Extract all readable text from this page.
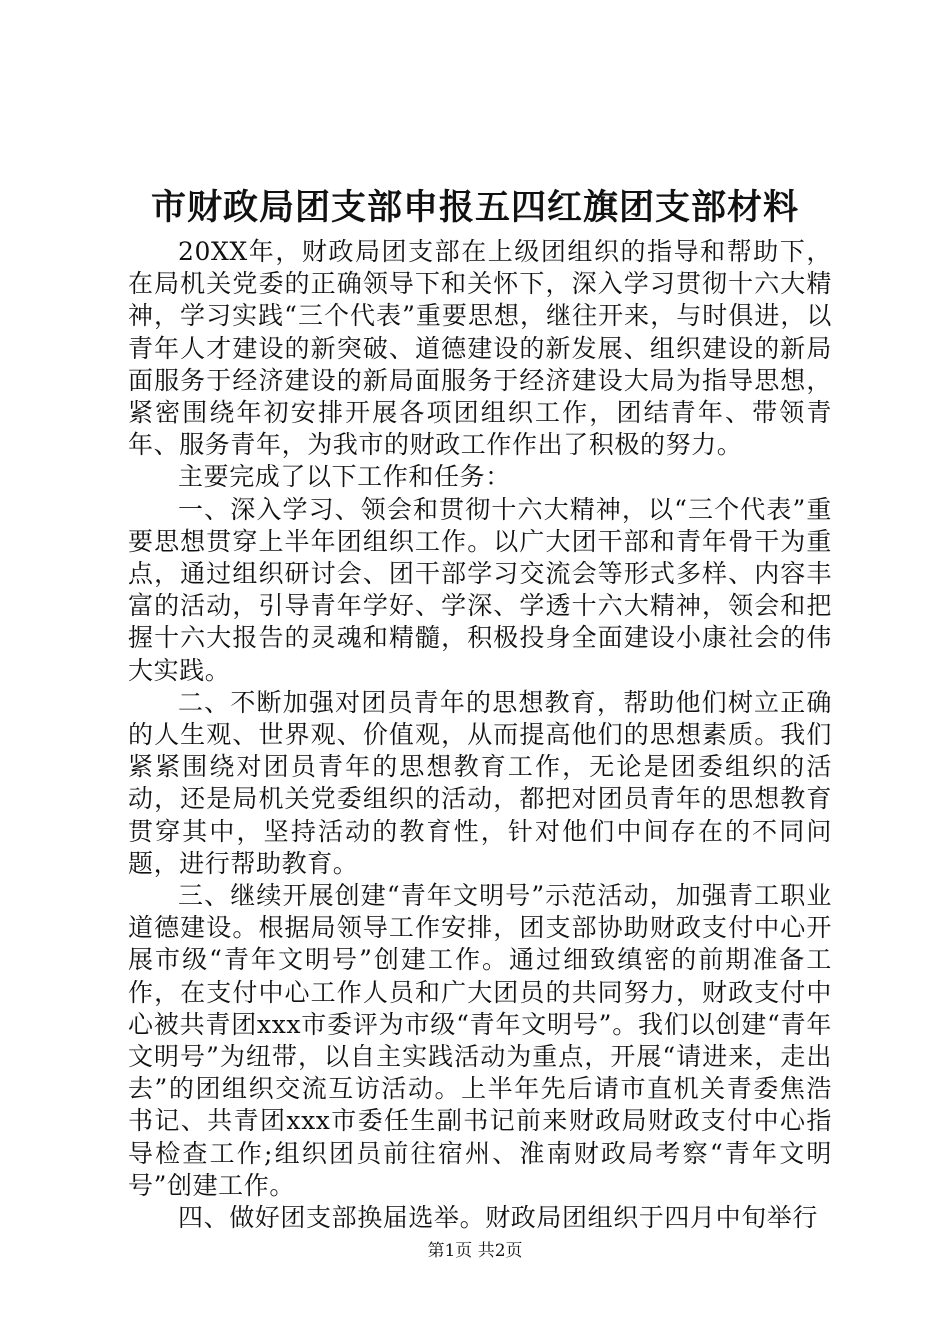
市财政局团支部申报五四红旗团支部材料

20XX年，财政局团支部在上级团组织的指导和帮助下，在局机关党委的正确领导下和关怀下，深入学习贯彻十六大精神，学习实践“三个代表”重要思想，继往开来，与时俱进，以青年人才建设的新突破、道德建设的新发展、组织建设的新局面服务于经济建设的新局面服务于经济建设大局为指导思想，紧密围绕年初安排开展各项团组织工作，团结青年、带领青年、服务青年，为我市的财政工作作出了积极的努力。

主要完成了以下工作和任务：

一、深入学习、领会和贯彻十六大精神，以“三个代表”重要思想贯穿上半年团组织工作。以广大团干部和青年骨干为重点，通过组织研讨会、团干部学习交流会等形式多样、内容丰富的活动，引导青年学好、学深、学透十六大精神，领会和把握十六大报告的灵魂和精髓，积极投身全面建设小康社会的伟大实践。

二、不断加强对团员青年的思想教育，帮助他们树立正确的人生观、世界观、价值观，从而提高他们的思想素质。我们紧紧围绕对团员青年的思想教育工作，无论是团委组织的活动，还是局机关党委组织的活动，都把对团员青年的思想教育贯穿其中，坚持活动的教育性，针对他们中间存在的不同问题，进行帮助教育。

三、继续开展创建“青年文明号”示范活动，加强青工职业道德建设。根据局领导工作安排，团支部协助财政支付中心开展市级“青年文明号”创建工作。通过细致缜密的前期准备工作，在支付中心工作人员和广大团员的共同努力，财政支付中心被共青团xxx市委评为市级“青年文明号”。我们以创建“青年文明号”为纽带，以自主实践活动为重点，开展“请进来，走出去”的团组织交流互访活动。上半年先后请市直机关青委焦浩书记、共青团xxx市委任生副书记前来财政局财政支付中心指导检查工作;组织团员前往宿州、淮南财政局考察“青年文明号”创建工作。

四、做好团支部换届选举。财政局团组织于四月中旬举行

第1页 共2页
